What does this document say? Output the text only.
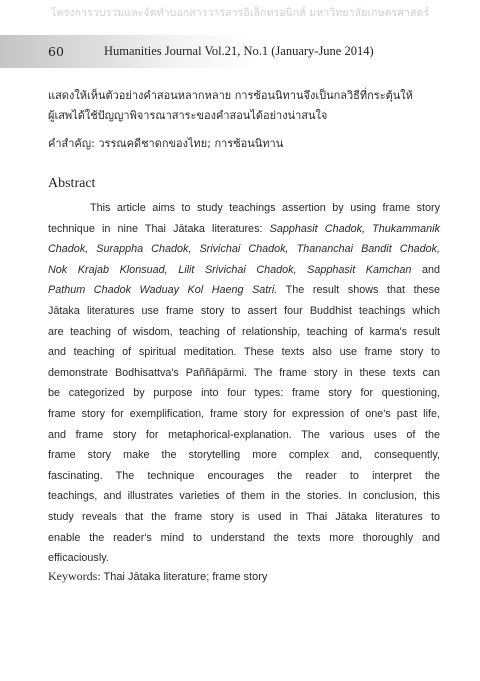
โครงการวบรวมและจัดทำบอกสารวารสารอิเล็กทรอนิกส์ มหาวิทยาลัยเกษตรศาสตร์
60	Humanities Journal Vol.21, No.1 (January-June 2014)
แสดงให้เห็นตัวอย่างคำสอนหลากหลาย การซ้อนนิทานจึงเป็นกลวิธีที่กระตุ้นให้
ผู้เสพได้ใช้ปัญญาพิจารณาสาระของคำสอนได้อย่างน่าสนใจ
คำสำคัญ: วรรณคดีชาดกของไทย; การซ้อนนิทาน
Abstract
This article aims to study teachings assertion by using frame story
technique in nine Thai Jātaka literatures: Sapphasit Chadok, Thukammanik
Chadok, Surappha Chadok, Srivichai Chadok, Thananchai Bandit Chadok,
Nok Krajab Klonsuad, Lilit Srivichai Chadok, Sapphasit Kamchan and
Pathum Chadok Waduay Kol Haeng Satri. The result shows that these
Jātaka literatures use frame story to assert four Buddhist teachings which
are teaching of wisdom, teaching of relationship, teaching of karma's result
and teaching of spiritual meditation. These texts also use frame story to
demonstrate Bodhisattva's Paññāpārmi. The frame story in these texts can
be categorized by purpose into four types: frame story for questioning,
frame story for exemplification, frame story for expression of one's past life,
and frame story for metaphorical-explanation. The various uses of the
frame story make the storytelling more complex and, consequently,
fascinating. The technique encourages the reader to interpret the
teachings, and illustrates varieties of them in the stories. In conclusion, this
study reveals that the frame story is used in Thai Jātaka literatures to
enable the reader's mind to understand the texts more thoroughly and
efficaciously.
Keywords: Thai Jātaka literature; frame story
